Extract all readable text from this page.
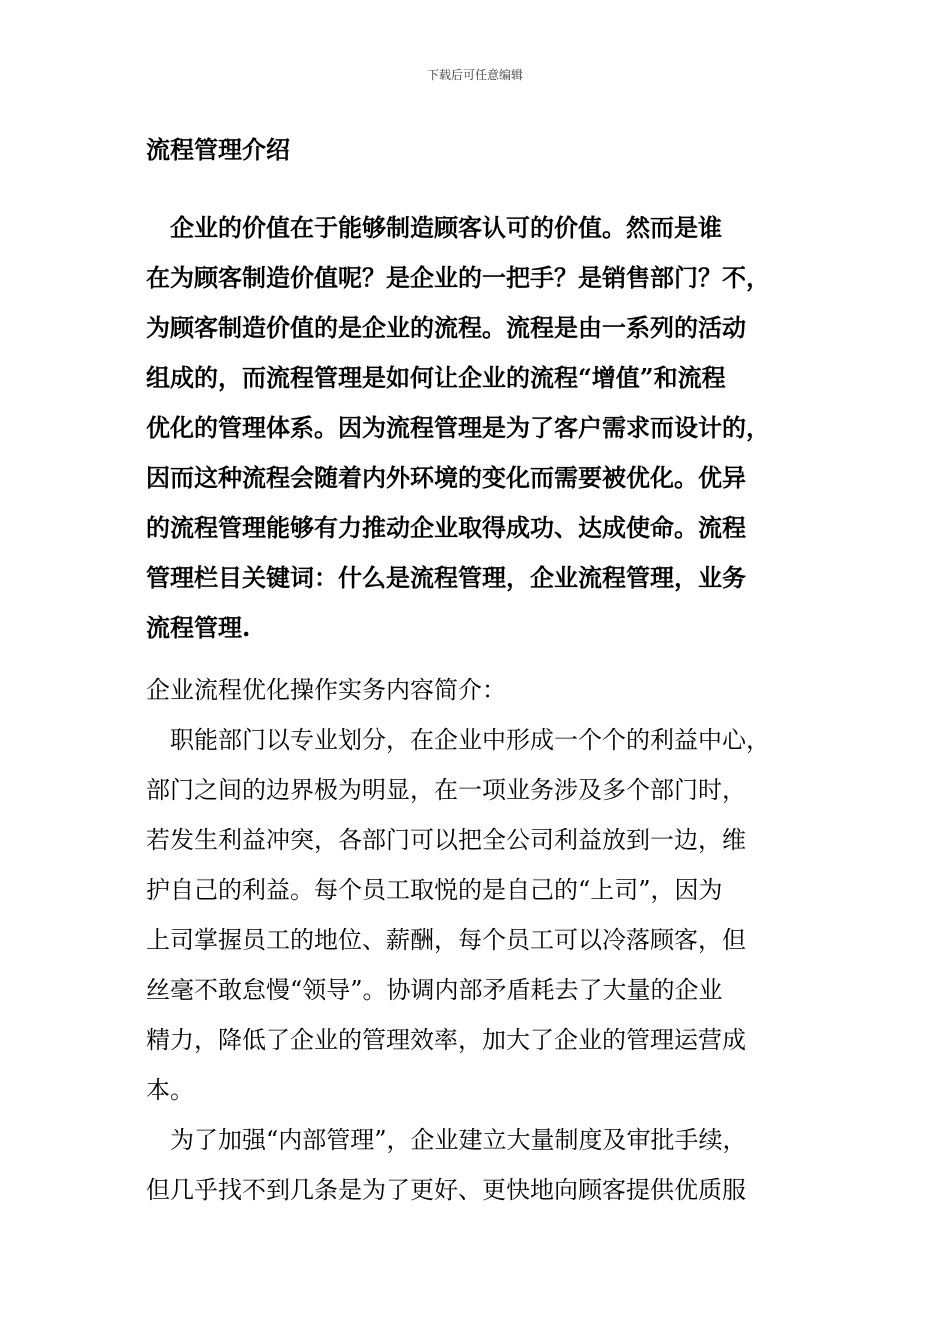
下载后可任意编辑
流程管理介绍
　企业的价值在于能够制造顾客认可的价值。然而是谁
在为顾客制造价值呢？是企业的一把手？是销售部门？不，
为顾客制造价值的是企业的流程。流程是由一系列的活动
组成的，而流程管理是如何让企业的流程“增值”和流程
优化的管理体系。因为流程管理是为了客户需求而设计的，
因而这种流程会随着内外环境的变化而需要被优化。优异
的流程管理能够有力推动企业取得成功、达成使命。流程
管理栏目关键词：什么是流程管理，企业流程管理，业务
流程管理.
企业流程优化操作实务内容简介：
　职能部门以专业划分，在企业中形成一个个的利益中心，
部门之间的边界极为明显，在一项业务涉及多个部门时，
若发生利益冲突，各部门可以把全公司利益放到一边，维
护自己的利益。每个员工取悦的是自己的“上司”，因为
上司掌握员工的地位、薪酬，每个员工可以冷落顾客，但
丝毫不敢怠慢“领导”。协调内部矛盾耗去了大量的企业
精力，降低了企业的管理效率，加大了企业的管理运营成
本。
　为了加强“内部管理”，企业建立大量制度及审批手续，
但几乎找不到几条是为了更好、更快地向顾客提供优质服
